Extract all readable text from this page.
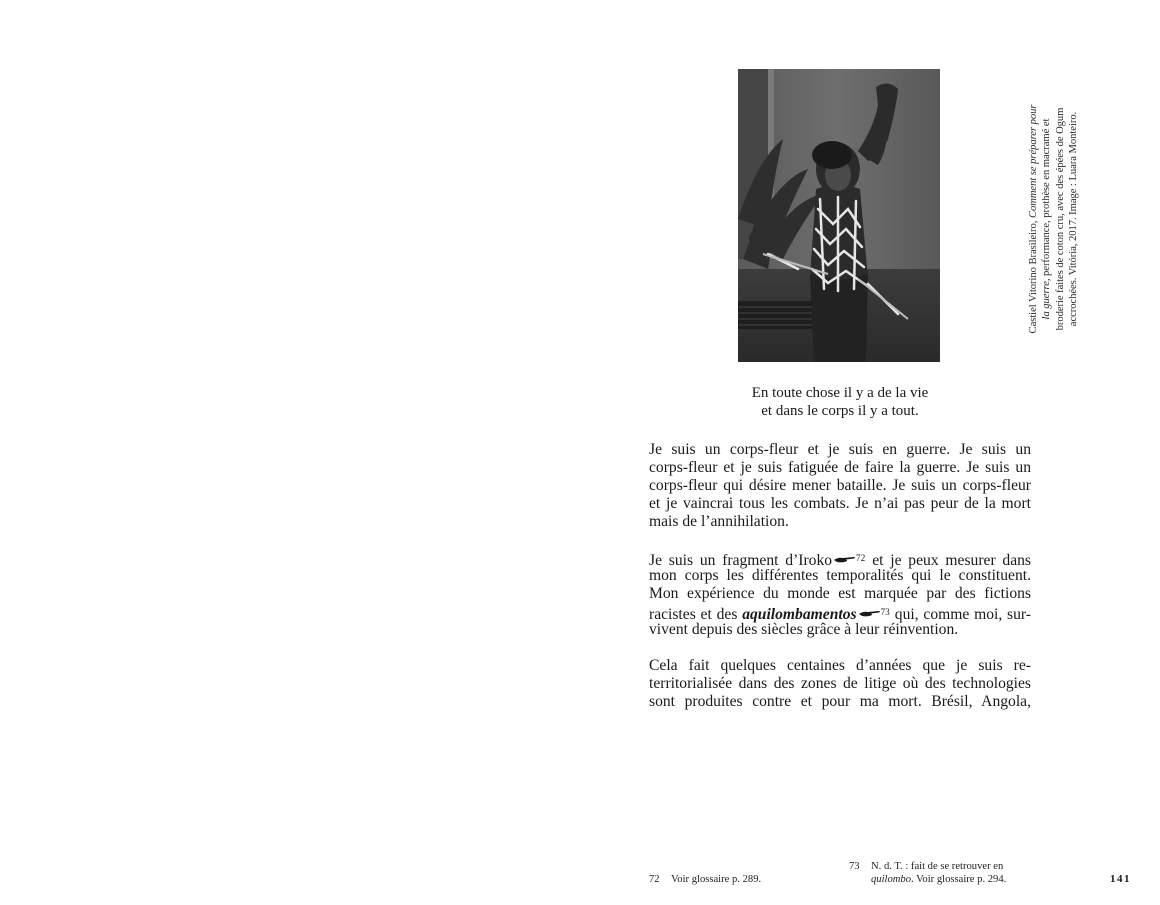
Castiel Vitorino Brasileiro, Comment se préparer pour

la guerre, performance, prothèse en macramé et broderie faites de coton cru, avec des épées de Ogum accrochées. Vitória, 2017. Image : Luara Monteiro.

En toute chose il y a de la vie

et dans le corps il y a tout.

Je suis un corps-fleur et je suis en guerre. Je suis un
corps-fleur et je suis fatiguée de faire la guerre. Je suis un
corps-fleur qui désire mener bataille. Je suis un corps-fleur
et je vaincrai tous les combats. Je n’ai pas peur de la mort
mais de l’annihilation.
Je suis un fragment d’Iroko	$^{72}$ et je peux mesurer dans
mon corps les différentes temporalités qui le constituent.
Mon expérience du monde est marquée par des fictions
racistes et des aquilombamentos	$^{73}$ qui, comme moi, sur-
vivent depuis des siècles grâce à leur réinvention.
Cela fait quelques centaines d’années que je suis re-
territorialisée dans des zones de litige où des technologies
sont produites contre et pour ma mort. Brésil, Angola,
72 Voir glossaire p. 289.
73 N. d. T. : fait de se retrouver en
quilombo. Voir glossaire p. 294.	141
